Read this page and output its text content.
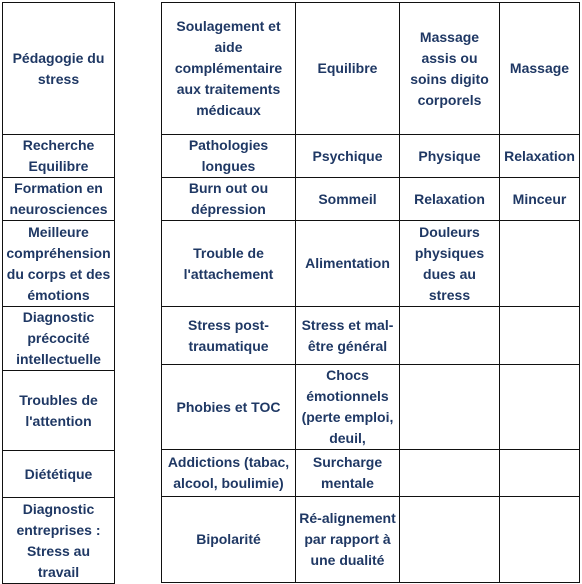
Pédagogie du stress
Recherche Equilibre
Formation en neurosciences
Meilleure compréhension du corps et des émotions
Diagnostic précocité intellectuelle
Troubles de l'attention
Diététique
Diagnostic entreprises : Stress au travail
Soulagement et aide complémentaire aux traitements médicaux	Equilibre	Massage assis ou soins digito corporels	Massage
Pathologies longues	Psychique	Physique	Relaxation
Burn out ou dépression	Sommeil	Relaxation	Minceur
Trouble de l'attachement	Alimentation	Douleurs physiques dues au stress	
Stress post-traumatique	Stress et mal-être général		
Phobies et TOC	Chocs émotionnels (perte emploi, deuil,		
Addictions (tabac, alcool, boulimie)	Surcharge mentale		
Bipolarité	Ré-alignement par rapport à une dualité		
